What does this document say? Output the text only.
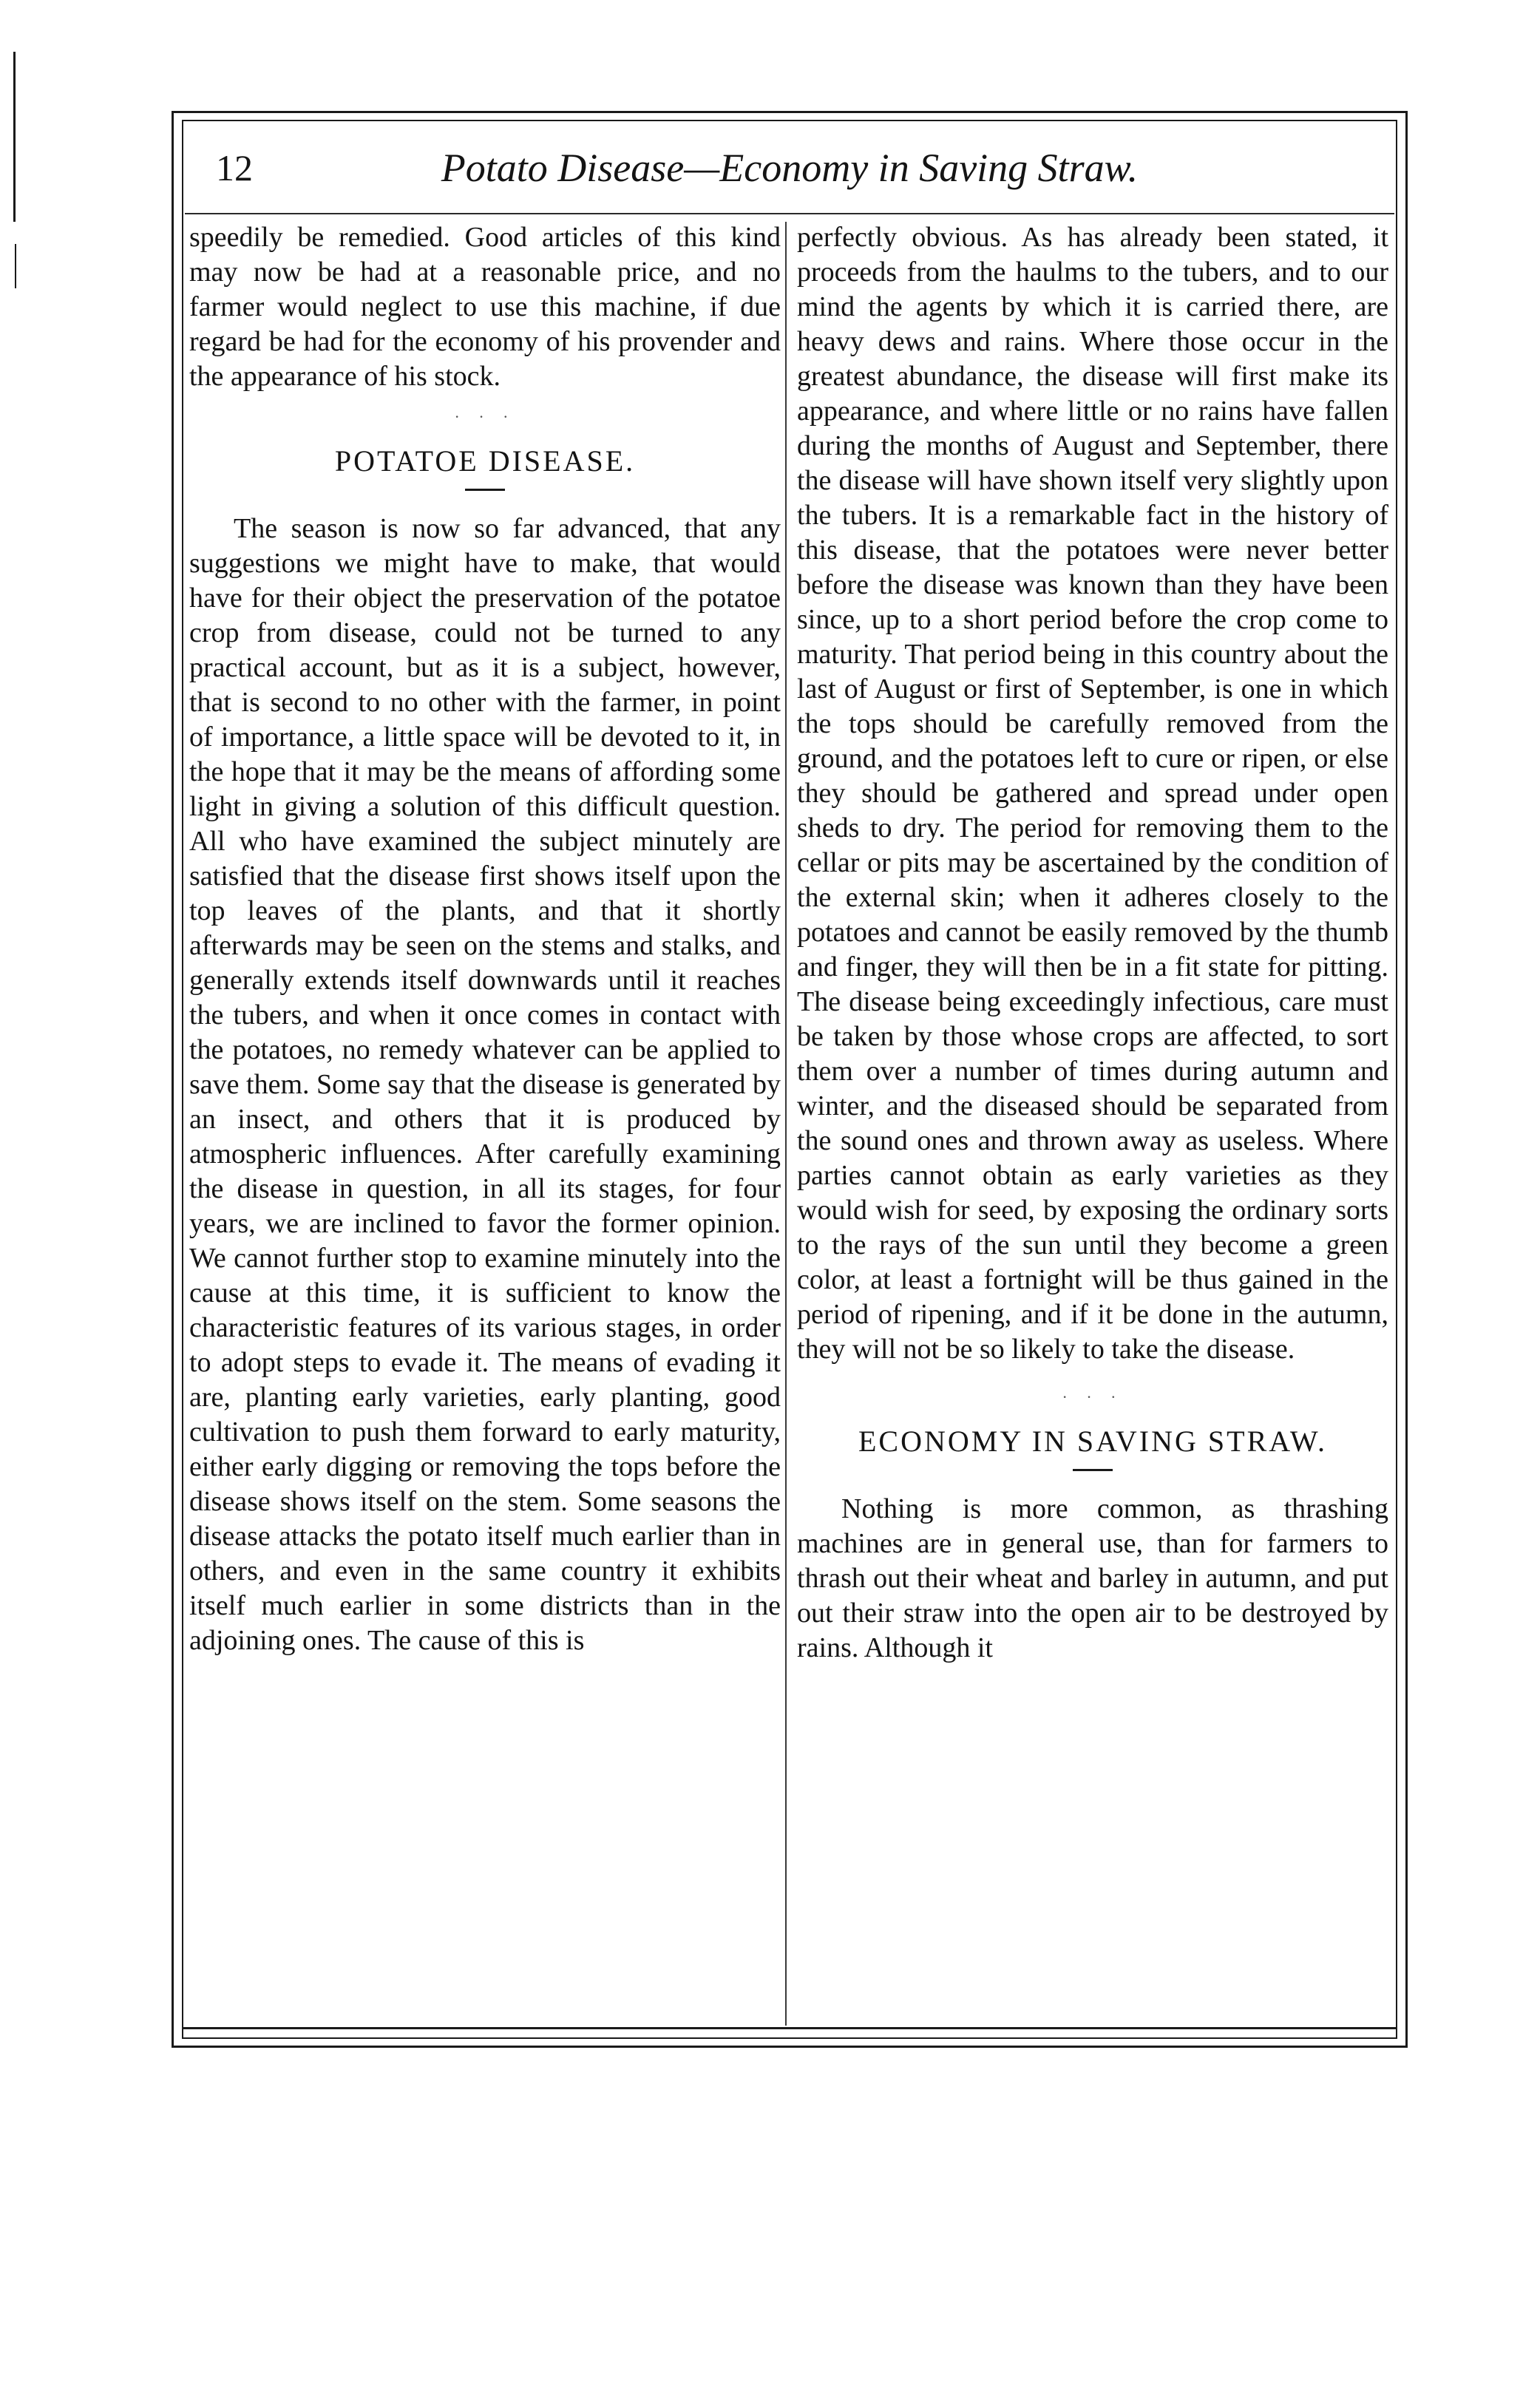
12	Potato Disease—Economy in Saving Straw.

speedily be remedied. Good articles of this kind may now be had at a reasonable price, and no farmer would neglect to use this machine, if due regard be had for the economy of his provender and the appearance of his stock.

· · ·
POTATOE DISEASE.

The season is now so far advanced, that any suggestions we might have to make, that would have for their object the preservation of the potatoe crop from disease, could not be turned to any practical account, but as it is a subject, however, that is second to no other with the farmer, in point of importance, a little space will be devoted to it, in the hope that it may be the means of affording some light in giving a solution of this difficult question. All who have examined the subject minutely are satisfied that the disease first shows itself upon the top leaves of the plants, and that it shortly afterwards may be seen on the stems and stalks, and generally extends itself downwards until it reaches the tubers, and when it once comes in contact with the potatoes, no remedy whatever can be applied to save them. Some say that the disease is generated by an insect, and others that it is produced by atmospheric influences. After carefully examining the disease in question, in all its stages, for four years, we are inclined to favor the former opinion. We cannot further stop to examine minutely into the cause at this time, it is sufficient to know the characteristic features of its various stages, in order to adopt steps to evade it. The means of evading it are, planting early varieties, early planting, good cultivation to push them forward to early maturity, either early digging or removing the tops before the disease shows itself on the stem. Some seasons the disease attacks the potato itself much earlier than in others, and even in the same country it exhibits itself much earlier in some districts than in the adjoining ones. The cause of this is

perfectly obvious. As has already been stated, it proceeds from the haulms to the tubers, and to our mind the agents by which it is carried there, are heavy dews and rains. Where those occur in the greatest abundance, the disease will first make its appearance, and where little or no rains have fallen during the months of August and September, there the disease will have shown itself very slightly upon the tubers. It is a remarkable fact in the history of this disease, that the potatoes were never better before the disease was known than they have been since, up to a short period before the crop come to maturity. That period being in this country about the last of August or first of September, is one in which the tops should be carefully removed from the ground, and the potatoes left to cure or ripen, or else they should be gathered and spread under open sheds to dry. The period for removing them to the cellar or pits may be ascertained by the condition of the external skin; when it adheres closely to the potatoes and cannot be easily removed by the thumb and finger, they will then be in a fit state for pitting. The disease being exceedingly infectious, care must be taken by those whose crops are affected, to sort them over a number of times during autumn and winter, and the diseased should be separated from the sound ones and thrown away as useless. Where parties cannot obtain as early varieties as they would wish for seed, by exposing the ordinary sorts to the rays of the sun until they become a green color, at least a fortnight will be thus gained in the period of ripening, and if it be done in the autumn, they will not be so likely to take the disease.

· · ·
ECONOMY IN SAVING STRAW.

Nothing is more common, as thrashing machines are in general use, than for farmers to thrash out their wheat and barley in autumn, and put out their straw into the open air to be destroyed by rains. Although it
